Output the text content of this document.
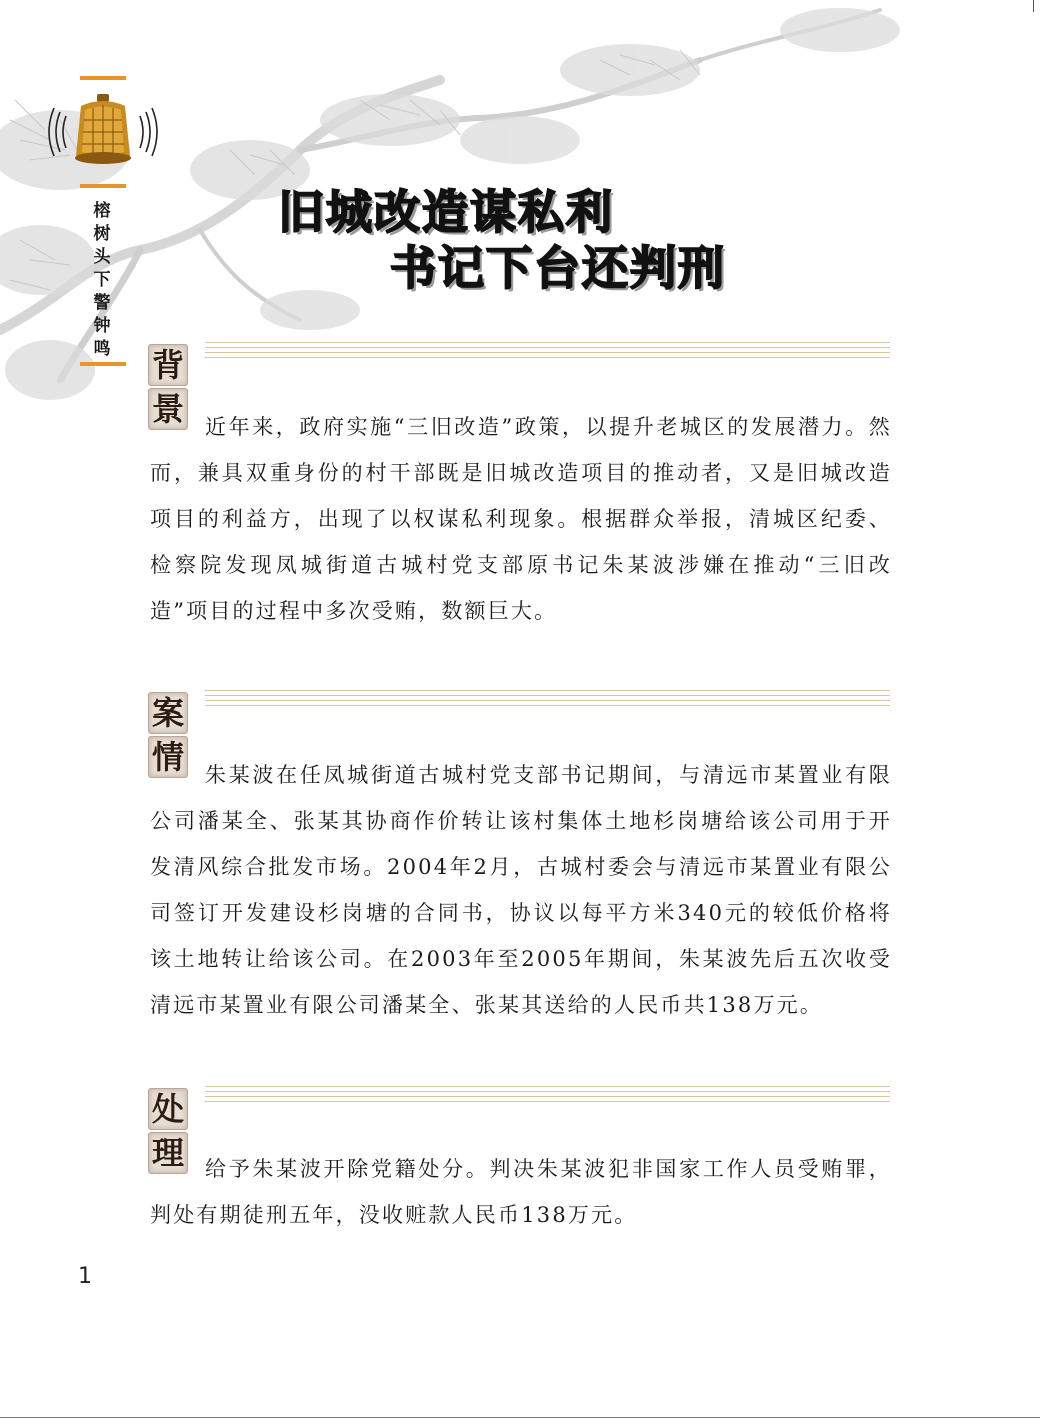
榕
树
头
下
警
钟
鸣
旧城改造谋私利
书记下台还判刑
背
景	近年来，政府实施“三旧改造”政策，以提升老城区的发展潜力。然而，兼具双重身份的村干部既是旧城改造项目的推动者，又是旧城改造项目的利益方，出现了以权谋私利现象。根据群众举报，清城区纪委、检察院发现凤城街道古城村党支部原书记朱某波涉嫌在推动“三旧改造”项目的过程中多次受贿，数额巨大。

案
情	朱某波在任凤城街道古城村党支部书记期间，与清远市某置业有限公司潘某全、张某其协商作价转让该村集体土地杉岗塘给该公司用于开发清风综合批发市场。2004年2月，古城村委会与清远市某置业有限公司签订开发建设杉岗塘的合同书，协议以每平方米340元的较低价格将该土地转让给该公司。在2003年至2005年期间，朱某波先后五次收受清远市某置业有限公司潘某全、张某其送给的人民币共138万元。

处
理	给予朱某波开除党籍处分。判决朱某波犯非国家工作人员受贿罪，判处有期徒刑五年，没收赃款人民币138万元。

1
